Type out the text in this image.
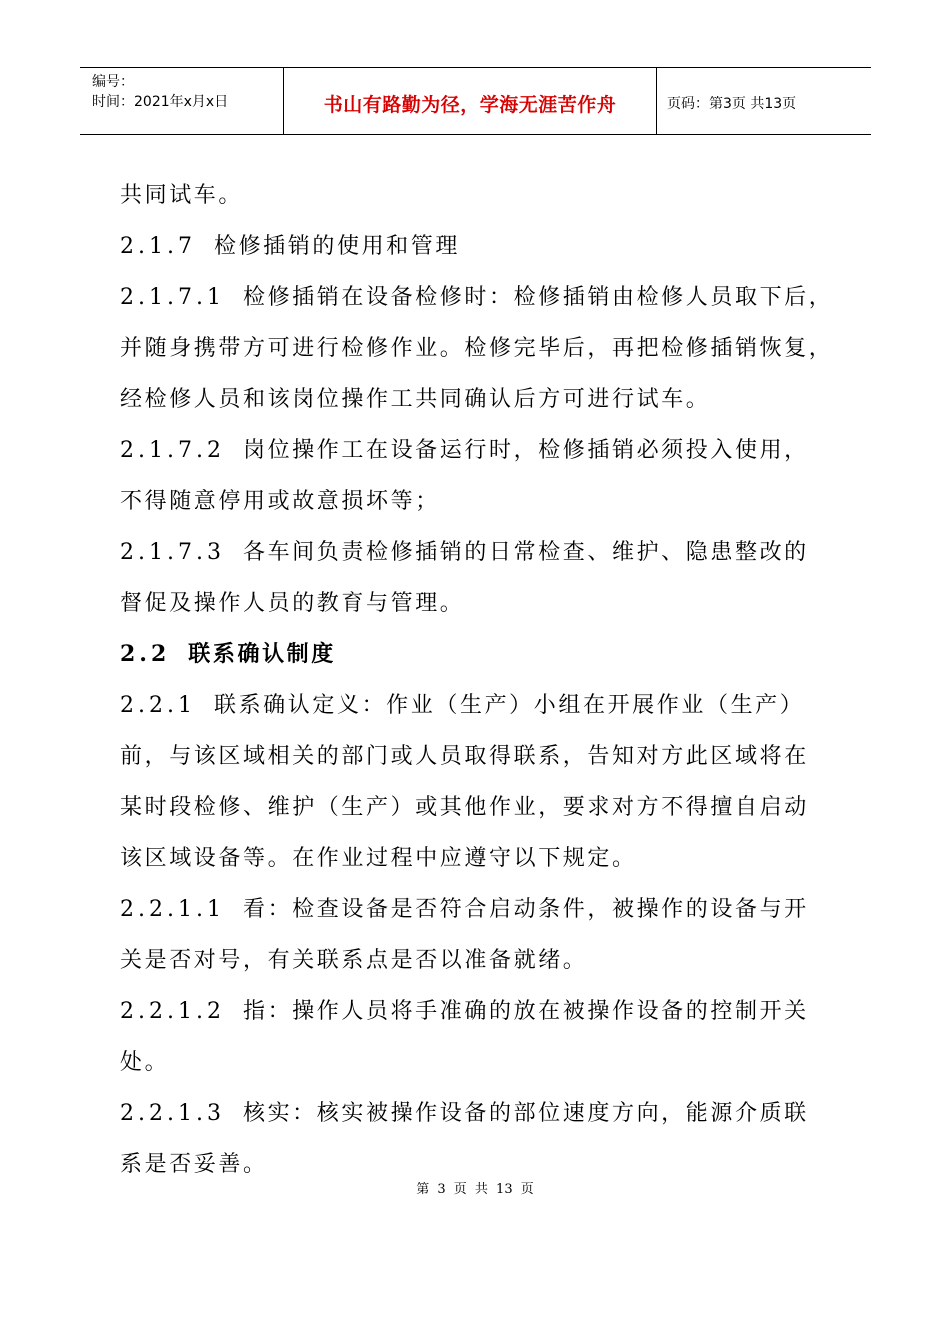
编号：
时间：2021年x月x日	书山有路勤为径，学海无涯苦作舟	页码：第3页 共13页
共同试车。
2.1.7 检修插销的使用和管理
2.1.7.1 检修插销在设备检修时：检修插销由检修人员取下后，
并随身携带方可进行检修作业。检修完毕后，再把检修插销恢复，
经检修人员和该岗位操作工共同确认后方可进行试车。
2.1.7.2 岗位操作工在设备运行时，检修插销必须投入使用，
不得随意停用或故意损坏等；
2.1.7.3 各车间负责检修插销的日常检查、维护、隐患整改的
督促及操作人员的教育与管理。
2.2 联系确认制度
2.2.1 联系确认定义：作业（生产）小组在开展作业（生产）
前，与该区域相关的部门或人员取得联系，告知对方此区域将在
某时段检修、维护（生产）或其他作业，要求对方不得擅自启动
该区域设备等。在作业过程中应遵守以下规定。
2.2.1.1 看：检查设备是否符合启动条件，被操作的设备与开
关是否对号，有关联系点是否以准备就绪。
2.2.1.2 指：操作人员将手准确的放在被操作设备的控制开关
处。
2.2.1.3 核实：核实被操作设备的部位速度方向，能源介质联
系是否妥善。
第 3 页 共 13 页
